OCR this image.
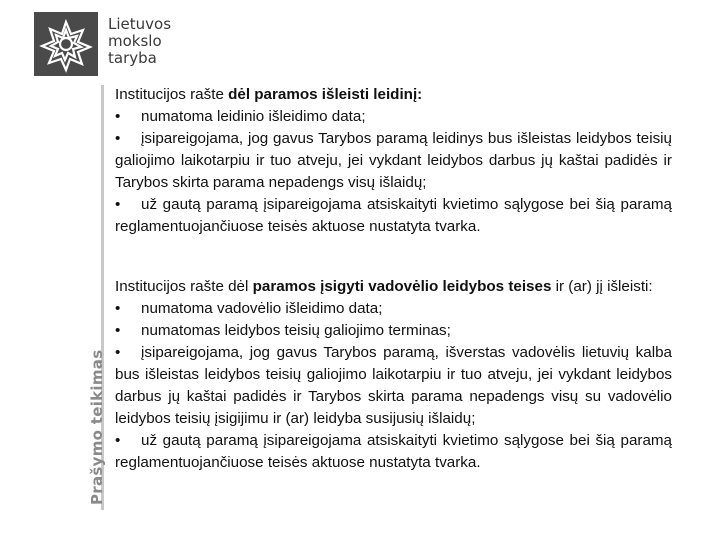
Lietuvos
mokslo
taryba
Prašymo teikimas

Institucijos rašte dėl paramos išleisti leidinį:

• numatoma leidinio išleidimo data;

• įsipareigojama, jog gavus Tarybos paramą leidinys bus išleistas leidybos teisių galiojimo laikotarpiu ir tuo atveju, jei vykdant leidybos darbus jų kaštai padidės ir Tarybos skirta parama nepadengs visų išlaidų;

• už gautą paramą įsipareigojama atsiskaityti kvietimo sąlygose bei šią paramą reglamentuojančiuose teisės aktuose nustatyta tvarka.

Institucijos rašte dėl paramos įsigyti vadovėlio leidybos teises ir (ar) jį išleisti:

• numatoma vadovėlio išleidimo data;

• numatomas leidybos teisių galiojimo terminas;

• įsipareigojama, jog gavus Tarybos paramą, išverstas vadovėlis lietuvių kalba bus išleistas leidybos teisių galiojimo laikotarpiu ir tuo atveju, jei vykdant leidybos darbus jų kaštai padidės ir Tarybos skirta parama nepadengs visų su vadovėlio leidybos teisių įsigijimu ir (ar) leidyba susijusių išlaidų;

• už gautą paramą įsipareigojama atsiskaityti kvietimo sąlygose bei šią paramą reglamentuojančiuose teisės aktuose nustatyta tvarka.
